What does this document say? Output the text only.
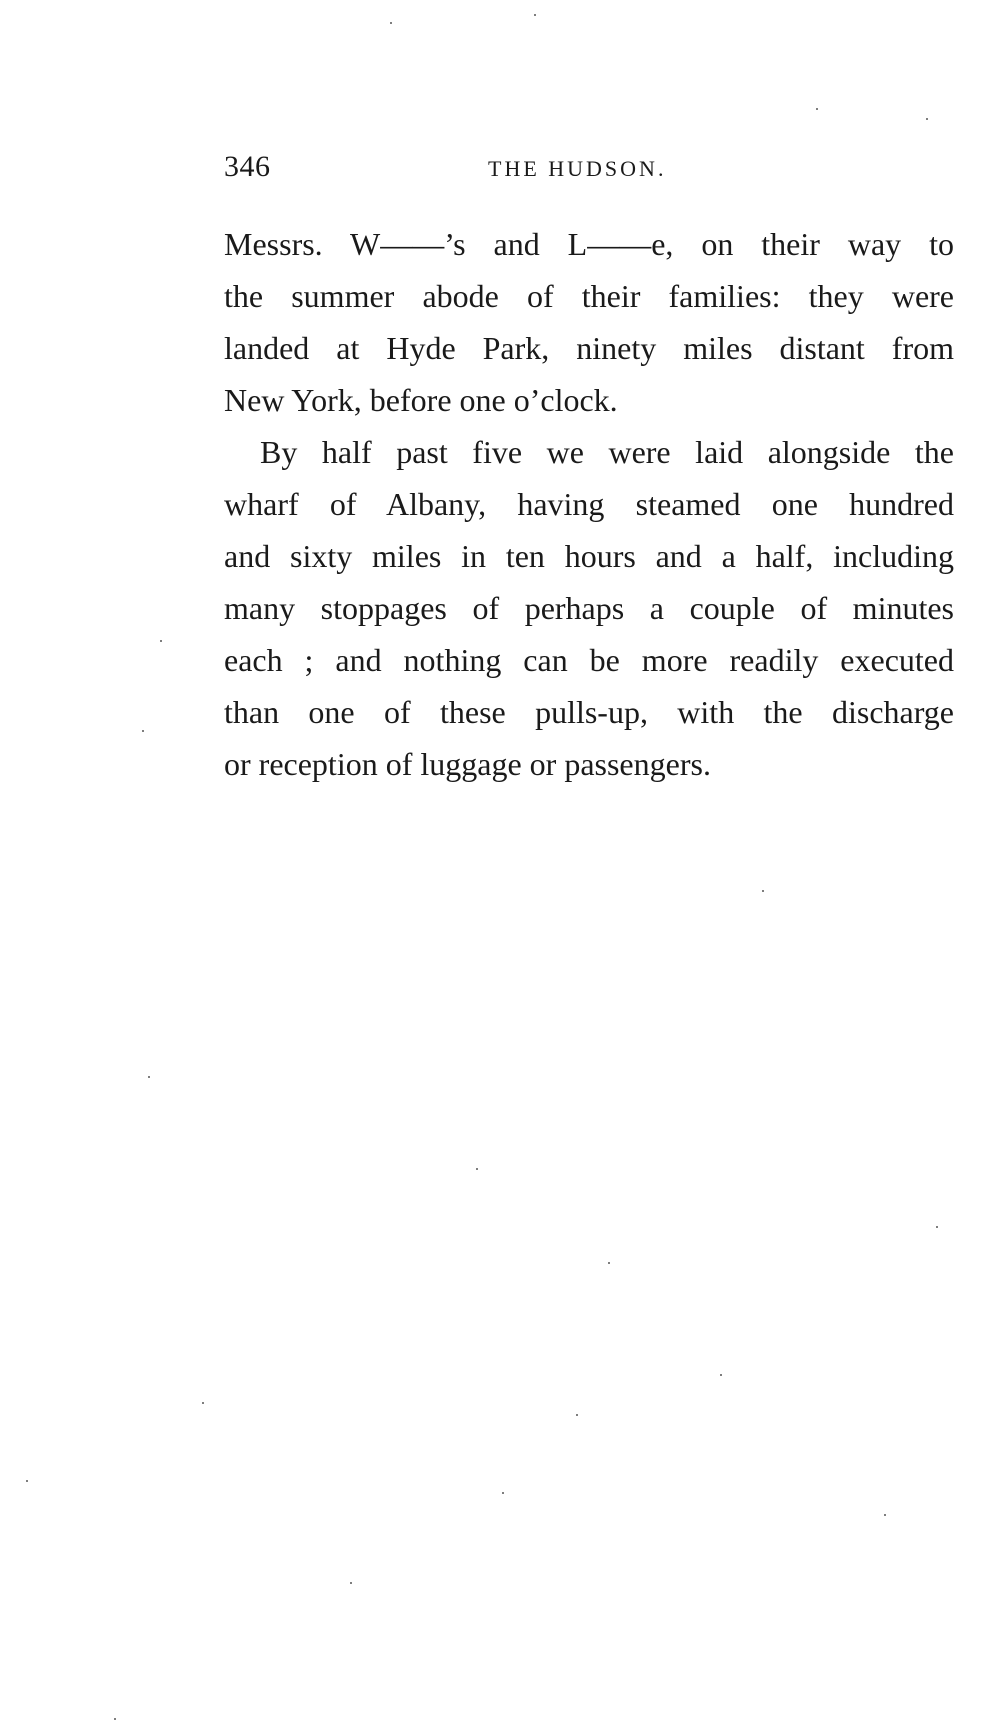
346	THE HUDSON.

Messrs. W——’s and L——e, on their way to
the summer abode of their families: they were
landed at Hyde Park, ninety miles distant from
New York, before one o’clock.

By half past five we were laid alongside the
wharf of Albany, having steamed one hundred
and sixty miles in ten hours and a half, including
many stoppages of perhaps a couple of minutes
each ; and nothing can be more readily executed
than one of these pulls-up, with the discharge
or reception of luggage or passengers.
